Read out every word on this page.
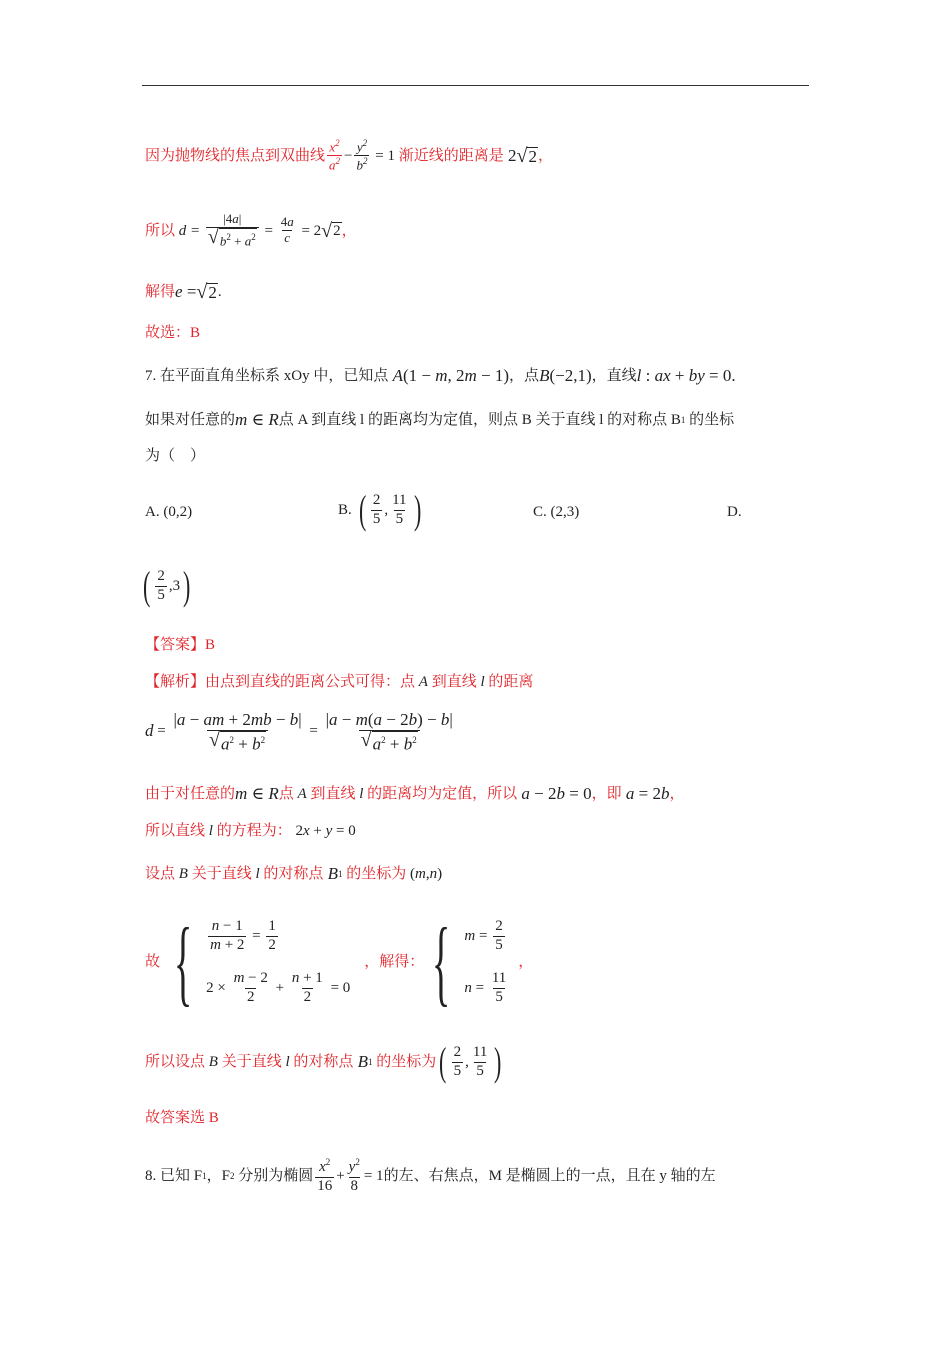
因为抛物线的焦点到双曲线 $\frac{x^2}{a^2} - \frac{y^2}{b^2} = 1$ 渐近线的距离是 2 √ 2 ，
所以 $d = \frac{|4a|}{√ b^2 + a^2} = \frac{4a}{c} = 2$ √ 2 ，
解得 e = √ 2 .
故选：B
7.
在平面直角坐标系 xOy 中，已知点 A (1 − m, 2m − 1) ，点 B (−2,1) ，直线 l : ax + by = 0.
如果对任意的 m ∈ R 点 A 到直线 l 的距离均为定值，则点 B 关于直线 l 的对称点 B 1
的坐标
为（　）
A. (0,2)	B.
( $\frac{2}{5}$ , $\frac{11}{5}$ )	C. (2,3)	D.
( $\frac{2}{5} ,3$ )
【答案】B
【解析】 由点到直线的距离公式可得：点 A 到直线 l 的距离
$d = \frac{|a - am + 2mb - b|}{√ a^2 + b^2} = \frac{|a - m(a - 2b) - b|}{√ a^2 + b^2}$
由于对任意的 m ∈ R 点 A 到直线 l 的距离均为定值，所以 a − 2b = 0 ，即 a = 2b ，
所以直线 l 的方程为： 2x + y = 0
设点 B 关于直线 l 的对称点 B 1
的坐标为 (m,n)
故 { $\frac{n - 1}{m + 2} = \frac{1}{2}$
$2 \times \frac{m - 2}{2} + \frac{n + 1}{2} = 0$
，解得： { $m = \frac{2}{5}$
$n = \frac{11}{5}$
，
所以设点 B 关于直线 l 的对称点 B 1
的坐标为 ( $\frac{2}{5}$ , $\frac{11}{5}$ )
故答案选 B
8. 已知 F 1 ，F 2
分别为椭圆 $\frac{x^2}{16} + \frac{y^2}{8} = 1$ 的左、右焦点，M 是椭圆上的一点，且在 y 轴的左
